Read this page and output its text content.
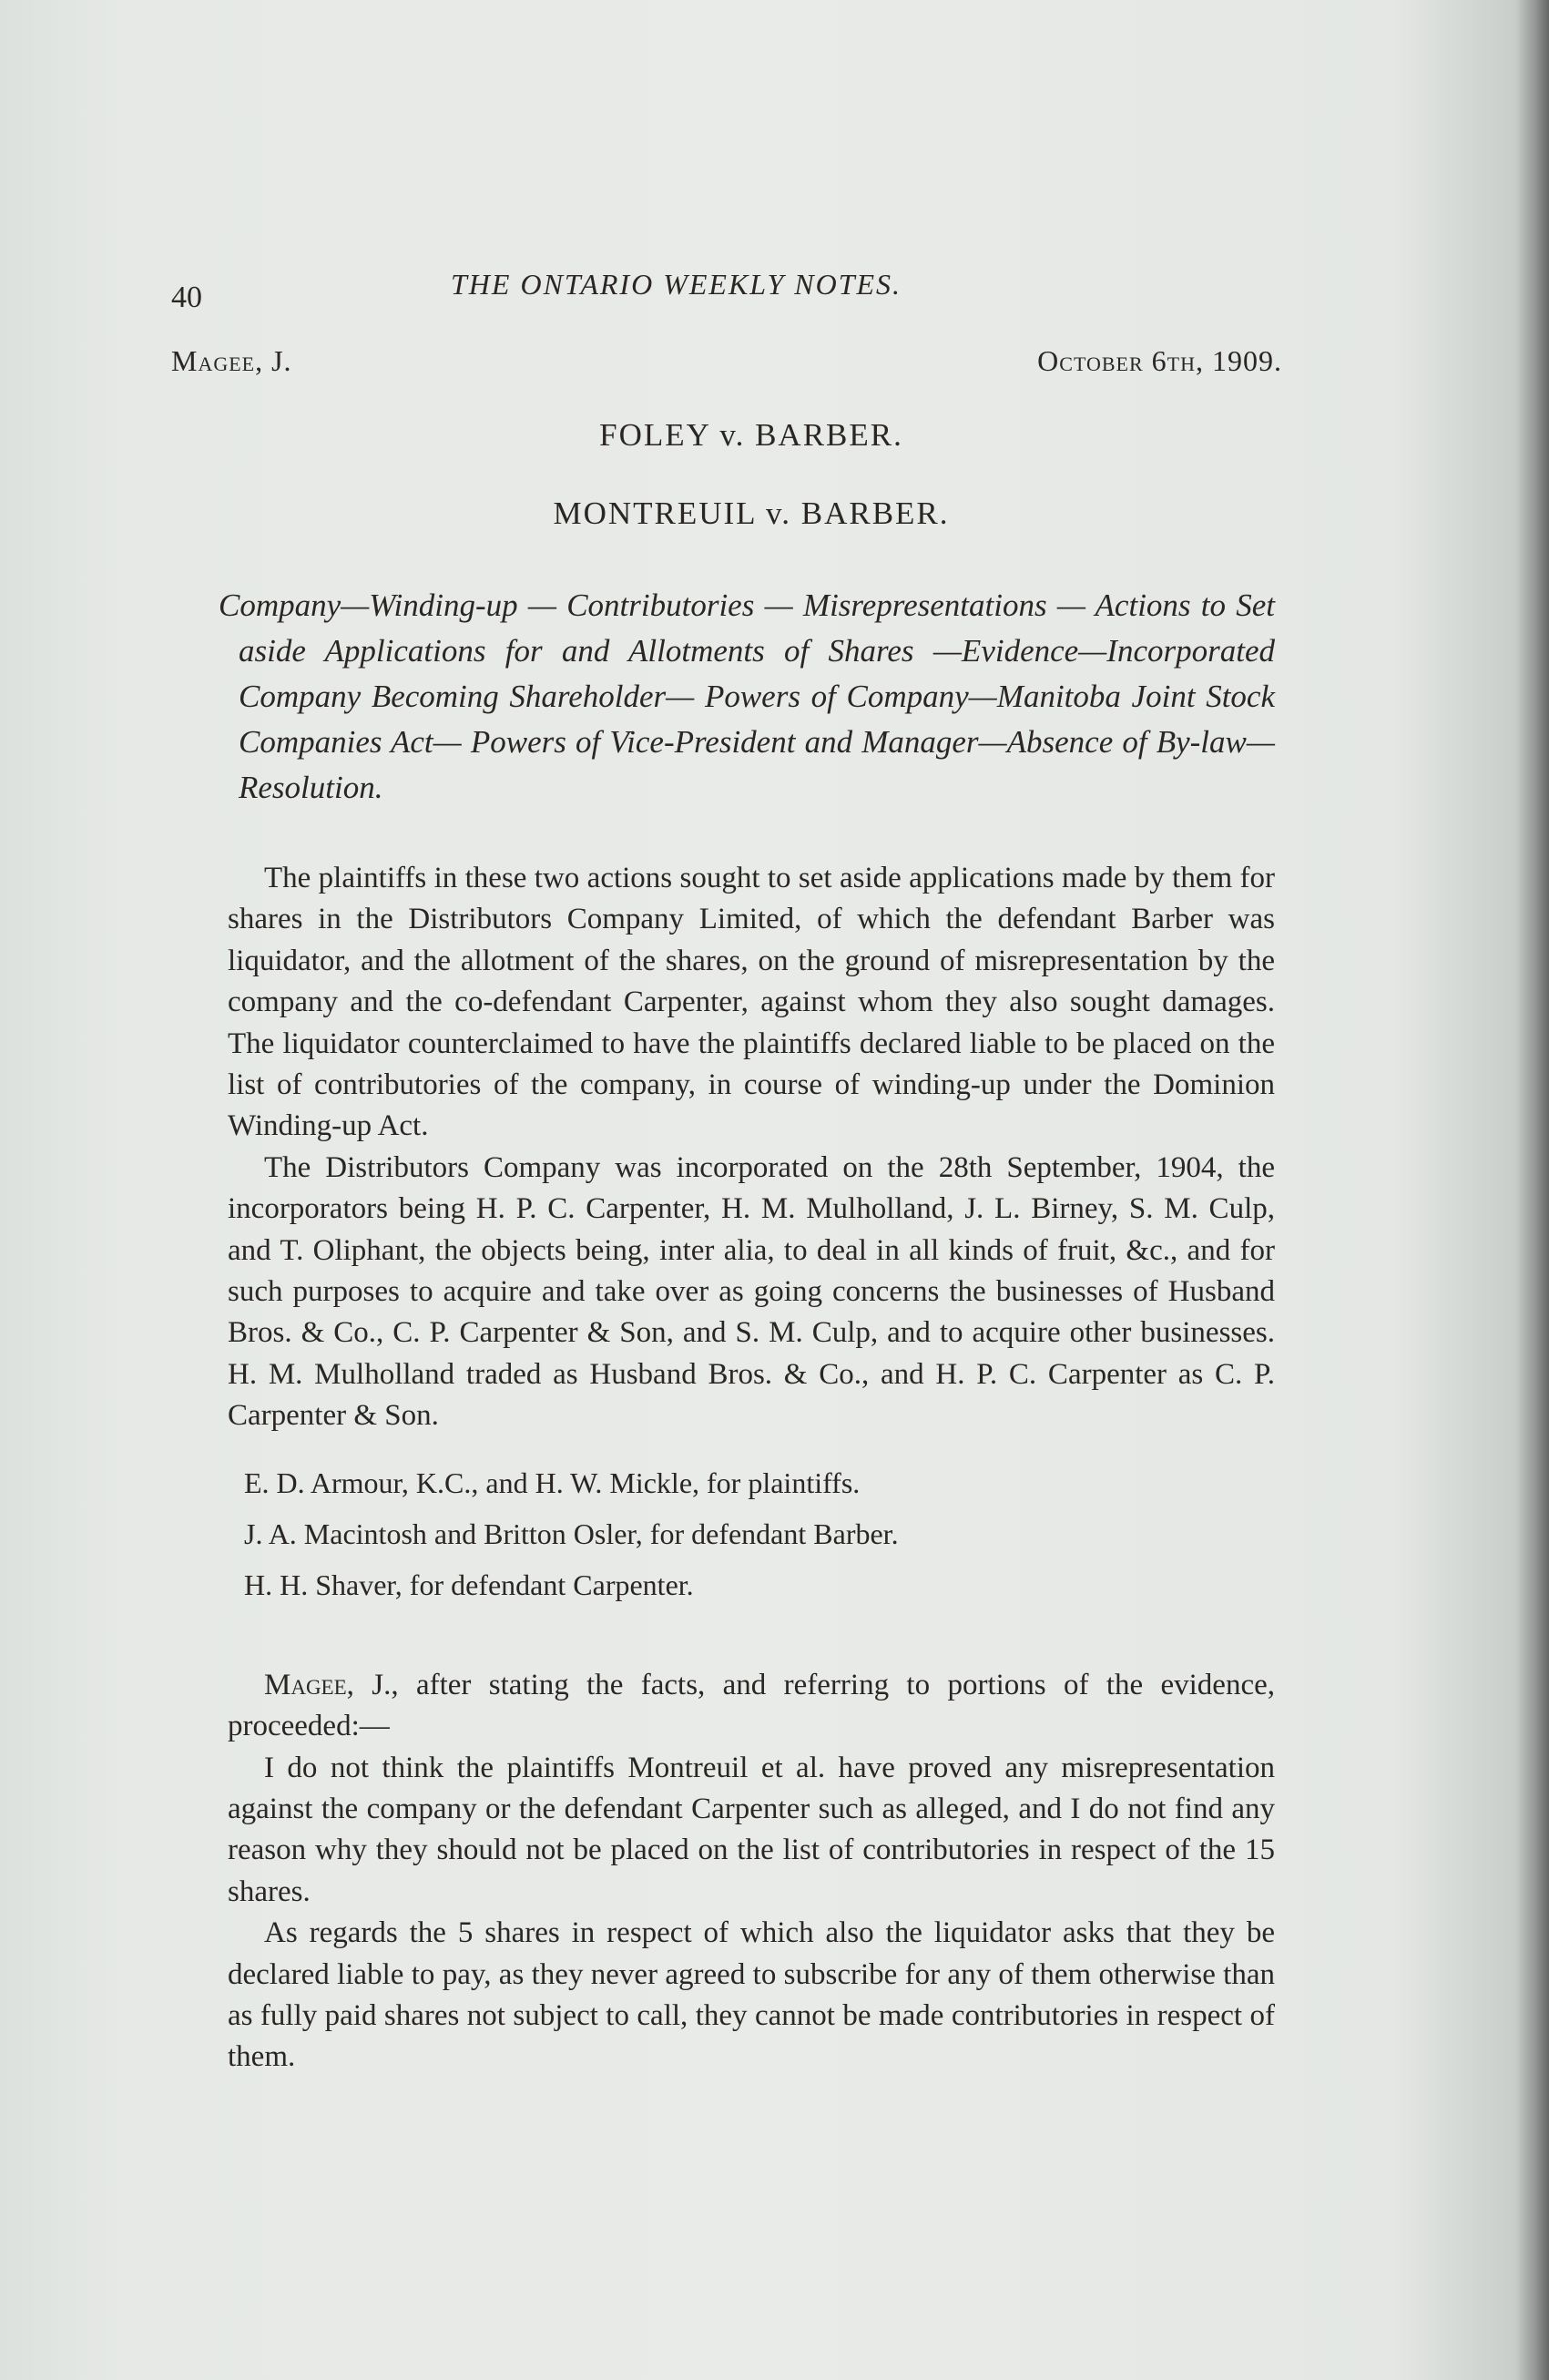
40	THE ONTARIO WEEKLY NOTES.
Magee, J.	October 6th, 1909.
FOLEY v. BARBER.
MONTREUIL v. BARBER.
Company—Winding-up — Contributories — Misrepresentations — Actions to Set aside Applications for and Allotments of Shares —Evidence—Incorporated Company Becoming Shareholder— Powers of Company—Manitoba Joint Stock Companies Act— Powers of Vice-President and Manager—Absence of By-law— Resolution.

The plaintiffs in these two actions sought to set aside applications made by them for shares in the Distributors Company Limited, of which the defendant Barber was liquidator, and the allotment of the shares, on the ground of misrepresentation by the company and the co-defendant Carpenter, against whom they also sought damages. The liquidator counterclaimed to have the plaintiffs declared liable to be placed on the list of contributories of the company, in course of winding-up under the Dominion Winding-up Act.

The Distributors Company was incorporated on the 28th September, 1904, the incorporators being H. P. C. Carpenter, H. M. Mulholland, J. L. Birney, S. M. Culp, and T. Oliphant, the objects being, inter alia, to deal in all kinds of fruit, &c., and for such purposes to acquire and take over as going concerns the businesses of Husband Bros. & Co., C. P. Carpenter & Son, and S. M. Culp, and to acquire other businesses. H. M. Mulholland traded as Husband Bros. & Co., and H. P. C. Carpenter as C. P. Carpenter & Son.

E. D. Armour, K.C., and H. W. Mickle, for plaintiffs.

J. A. Macintosh and Britton Osler, for defendant Barber.

H. H. Shaver, for defendant Carpenter.

Magee, J., after stating the facts, and referring to portions of the evidence, proceeded:—

I do not think the plaintiffs Montreuil et al. have proved any misrepresentation against the company or the defendant Carpenter such as alleged, and I do not find any reason why they should not be placed on the list of contributories in respect of the 15 shares.

As regards the 5 shares in respect of which also the liquidator asks that they be declared liable to pay, as they never agreed to subscribe for any of them otherwise than as fully paid shares not subject to call, they cannot be made contributories in respect of them.
